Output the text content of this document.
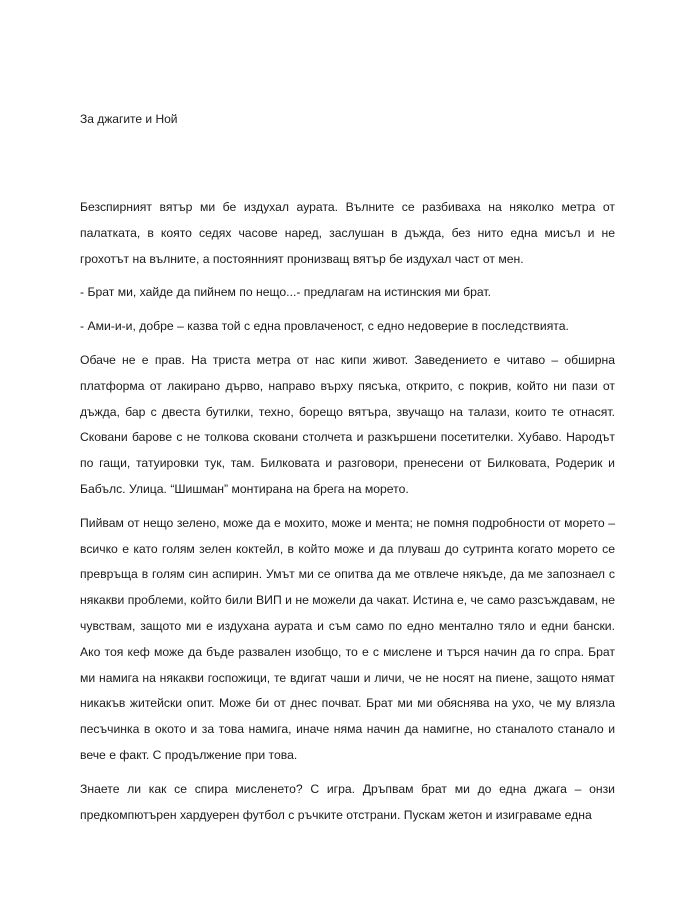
За джагите и Ной

Безспирният вятър ми бе издухал аурата. Вълните се разбиваха на няколко метра от палатката, в която седях часове наред, заслушан в дъжда, без нито една мисъл и не грохотът на вълните, а постоянният пронизващ вятър бе издухал част от мен.

- Брат ми, хайде да пийнем по нещо...- предлагам на истинския ми брат.

- Ами-и-и, добре – казва той с една провлаченост, с едно недоверие в последствията.

Обаче не е прав. На триста метра от нас кипи живот. Заведението е читаво – обширна платформа от лакирано дърво, направо върху пясъка, открито, с покрив, който ни пази от дъжда, бар с двеста бутилки, техно, борещо вятъра, звучащо на талази, които те отнасят. Сковани барове с не толкова сковани столчета и разкършени посетителки. Хубаво. Народът по гащи, татуировки тук, там. Билковата и разговори, пренесени от Билковата, Родерик и Бабълс. Улица. “Шишман” монтирана на брега на морето.

Пийвам от нещо зелено, може да е мохито, може и мента; не помня подробности от морето – всичко е като голям зелен коктейл, в който може и да плуваш до сутринта когато морето се превръща в голям син аспирин. Умът ми се опитва да ме отвлече някъде, да ме запознаел с някакви проблеми, който били ВИП и не можели да чакат. Истина е, че само разсъждавам, не чувствам, защото ми е издухана аурата и съм само по едно ментално тяло и едни бански. Ако тоя кеф може да бъде развален изобщо, то е с мислене и търся начин да го спра. Брат ми намига на някакви госпожици, те вдигат чаши и личи, че не носят на пиене, защото нямат никакъв житейски опит. Може би от днес почват. Брат ми ми обяснява на ухо, че му влязла песъчинка в окото и за това намига, иначе няма начин да намигне, но станалото станало и вече е факт. С продължение при това.

Знаете ли как се спира мисленето? С игра. Дръпвам брат ми до една джага – онзи предкомпютърен хардуерен футбол с ръчките отстрани. Пускам жетон и изиграваме една
